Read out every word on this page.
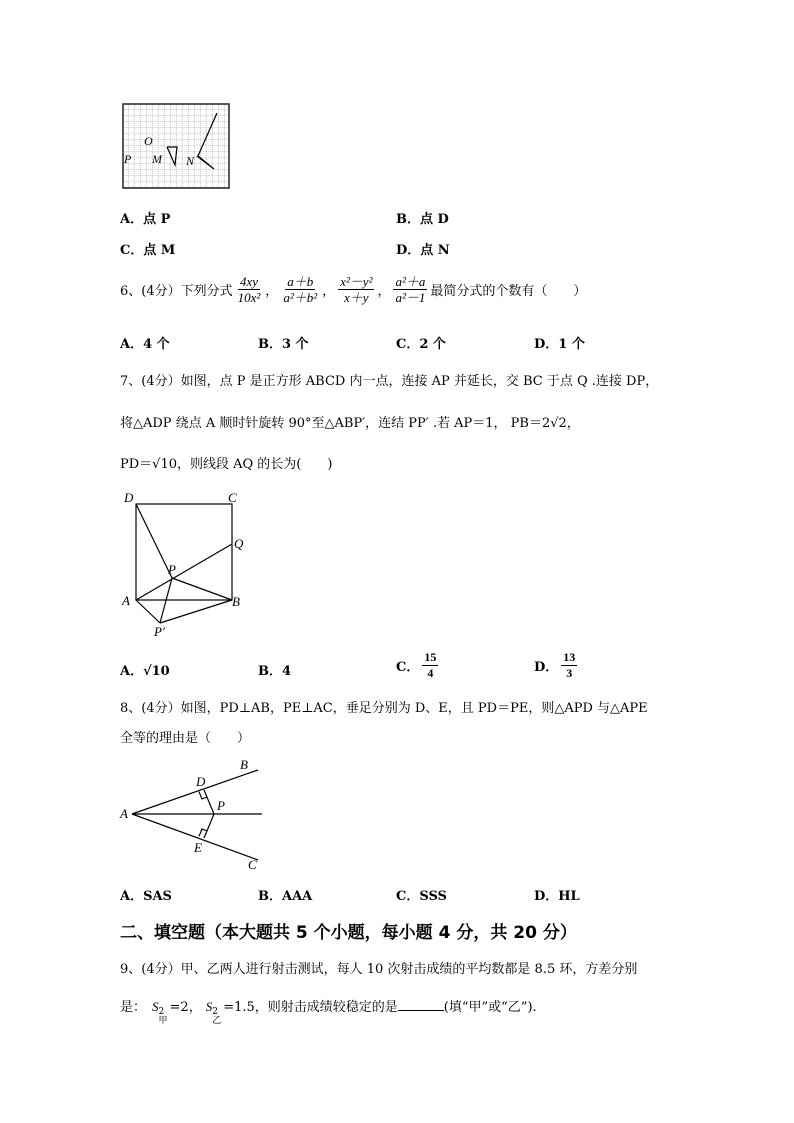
O
P M N
A．点 P	B．点 D
C．点 M	D．点 N
6、(4分）下列分式 $\frac{4xy}{\text{10x²}}$ ， $\frac{a+b}{\text{a²＋b²}}$ ， $\frac{\text{x²－y²}}{x+y}$ ， $\frac{\text{a²＋a}}{\text{a²－1}}$ 最简分式的个数有（　　）
A．4 个	B．3 个	C．2 个	D．1 个
7、(4分）如图，点 P 是正方形 ABCD 内一点，连接 AP 并延长，交 BC 于点 Q .连接 DP，
将△ADP 绕点 A 顺时针旋转 90°至△ABP′，连结 PP′ .若 AP＝1， PB＝2√2，
PD＝√10，则线段 AQ 的长为(　　)
D	C
Q
P
A	B
P′
A．√10	B．4	C． $\frac{15}{4}$	D． $\frac{13}{3}$
8、(4分）如图，PD⊥AB，PE⊥AC，垂足分别为 D、E，且 PD＝PE，则△APD 与△APE
全等的理由是（　　）
A
B
C
D
E
P
A．SAS	B．AAA	C．SSS	D．HL
二、填空题（本大题共 5 个小题，每小题 4 分，共 20 分）
9、(4分）甲、乙两人进行射击测试，每人 10 次射击成绩的平均数都是 8.5 环，方差分别
是： S 2
甲
=2， S 2
乙
=1.5，则射击成绩较稳定的是	(填“甲”或“乙”).
